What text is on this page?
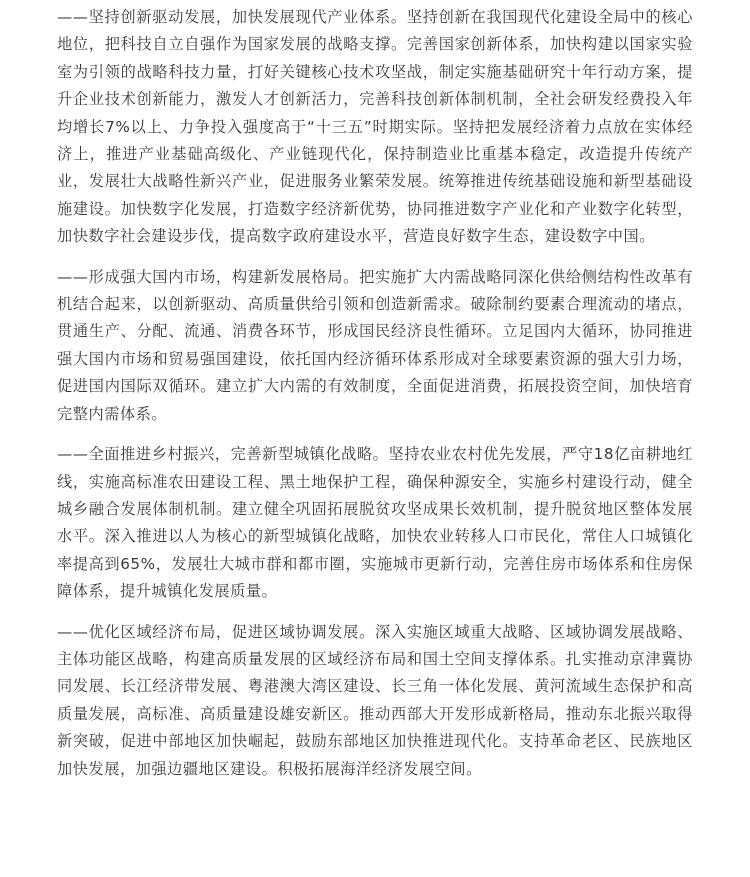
——坚持创新驱动发展，加快发展现代产业体系。坚持创新在我国现代化建设全局中的核心地位，把科技自立自强作为国家发展的战略支撑。完善国家创新体系，加快构建以国家实验室为引领的战略科技力量，打好关键核心技术攻坚战，制定实施基础研究十年行动方案，提升企业技术创新能力，激发人才创新活力，完善科技创新体制机制，全社会研发经费投入年均增长7%以上、力争投入强度高于“十三五”时期实际。坚持把发展经济着力点放在实体经济上，推进产业基础高级化、产业链现代化，保持制造业比重基本稳定，改造提升传统产业，发展壮大战略性新兴产业，促进服务业繁荣发展。统筹推进传统基础设施和新型基础设施建设。加快数字化发展，打造数字经济新优势，协同推进数字产业化和产业数字化转型，加快数字社会建设步伐，提高数字政府建设水平，营造良好数字生态，建设数字中国。

——形成强大国内市场，构建新发展格局。把实施扩大内需战略同深化供给侧结构性改革有机结合起来，以创新驱动、高质量供给引领和创造新需求。破除制约要素合理流动的堵点，贯通生产、分配、流通、消费各环节，形成国民经济良性循环。立足国内大循环，协同推进强大国内市场和贸易强国建设，依托国内经济循环体系形成对全球要素资源的强大引力场，促进国内国际双循环。建立扩大内需的有效制度，全面促进消费，拓展投资空间，加快培育完整内需体系。

——全面推进乡村振兴，完善新型城镇化战略。坚持农业农村优先发展，严守18亿亩耕地红线，实施高标准农田建设工程、黑土地保护工程，确保种源安全，实施乡村建设行动，健全城乡融合发展体制机制。建立健全巩固拓展脱贫攻坚成果长效机制，提升脱贫地区整体发展水平。深入推进以人为核心的新型城镇化战略，加快农业转移人口市民化，常住人口城镇化率提高到65%，发展壮大城市群和都市圈，实施城市更新行动，完善住房市场体系和住房保障体系，提升城镇化发展质量。

——优化区域经济布局，促进区域协调发展。深入实施区域重大战略、区域协调发展战略、主体功能区战略，构建高质量发展的区域经济布局和国土空间支撑体系。扎实推动京津冀协同发展、长江经济带发展、粤港澳大湾区建设、长三角一体化发展、黄河流域生态保护和高质量发展，高标准、高质量建设雄安新区。推动西部大开发形成新格局，推动东北振兴取得新突破，促进中部地区加快崛起，鼓励东部地区加快推进现代化。支持革命老区、民族地区加快发展，加强边疆地区建设。积极拓展海洋经济发展空间。
